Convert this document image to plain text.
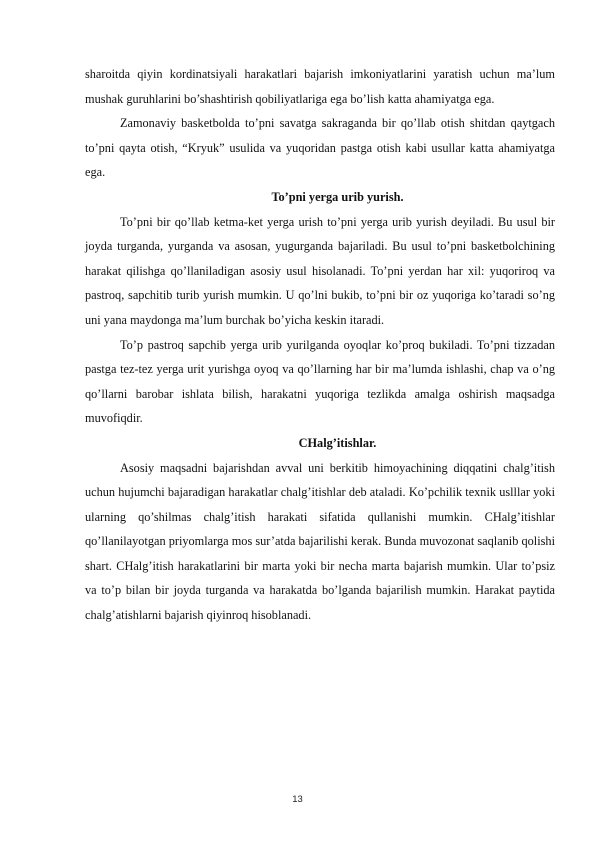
sharoitda qiyin kordinatsiyali harakatlari bajarish imkoniyatlarini yaratish uchun ma’lum mushak guruhlarini bo’shashtirish qobiliyatlariga ega bo’lish katta ahamiyatga ega.

Zamonaviy basketbolda to’pni savatga sakraganda bir qo’llab otish shitdan qaytgach to’pni qayta otish, “Kryuk” usulida va yuqoridan pastga otish kabi usullar katta ahamiyatga ega.

To’pni yerga urib yurish.

To’pni bir qo’llab ketma-ket yerga urish to’pni yerga urib yurish deyiladi. Bu usul bir joyda turganda, yurganda va asosan, yugurganda bajariladi. Bu usul to’pni basketbolchining harakat qilishga qo’llaniladigan asosiy usul hisolanadi. To’pni yerdan har xil: yuqoriroq va pastroq, sapchitib turib yurish mumkin. U qo’lni bukib, to’pni bir oz yuqoriga ko’taradi so’ng uni yana maydonga ma’lum burchak bo’yicha keskin itaradi.

To’p pastroq sapchib yerga urib yurilganda oyoqlar ko’proq bukiladi. To’pni tizzadan pastga tez-tez yerga urit yurishga oyoq va qo’llarning har bir ma’lumda ishlashi, chap va o’ng qo’llarni barobar ishlata bilish, harakatni yuqoriga tezlikda amalga oshirish maqsadga muvofiqdir.

CHalg’itishlar.

Asosiy maqsadni bajarishdan avval uni berkitib himoyachining diqqatini chalg’itish uchun hujumchi bajaradigan harakatlar chalg’itishlar deb ataladi. Ko’pchilik texnik uslllar yoki ularning qo’shilmas chalg’itish harakati sifatida qullanishi mumkin. CHalg’itishlar qo’llanilayotgan priyomlarga mos sur’atda bajarilishi kerak. Bunda muvozonat saqlanib qolishi shart. CHalg’itish harakatlarini bir marta yoki bir necha marta bajarish mumkin. Ular to’psiz va to’p bilan bir joyda turganda va harakatda bo’lganda bajarilish mumkin. Harakat paytida chalg’atishlarni bajarish qiyinroq hisoblanadi.

13
